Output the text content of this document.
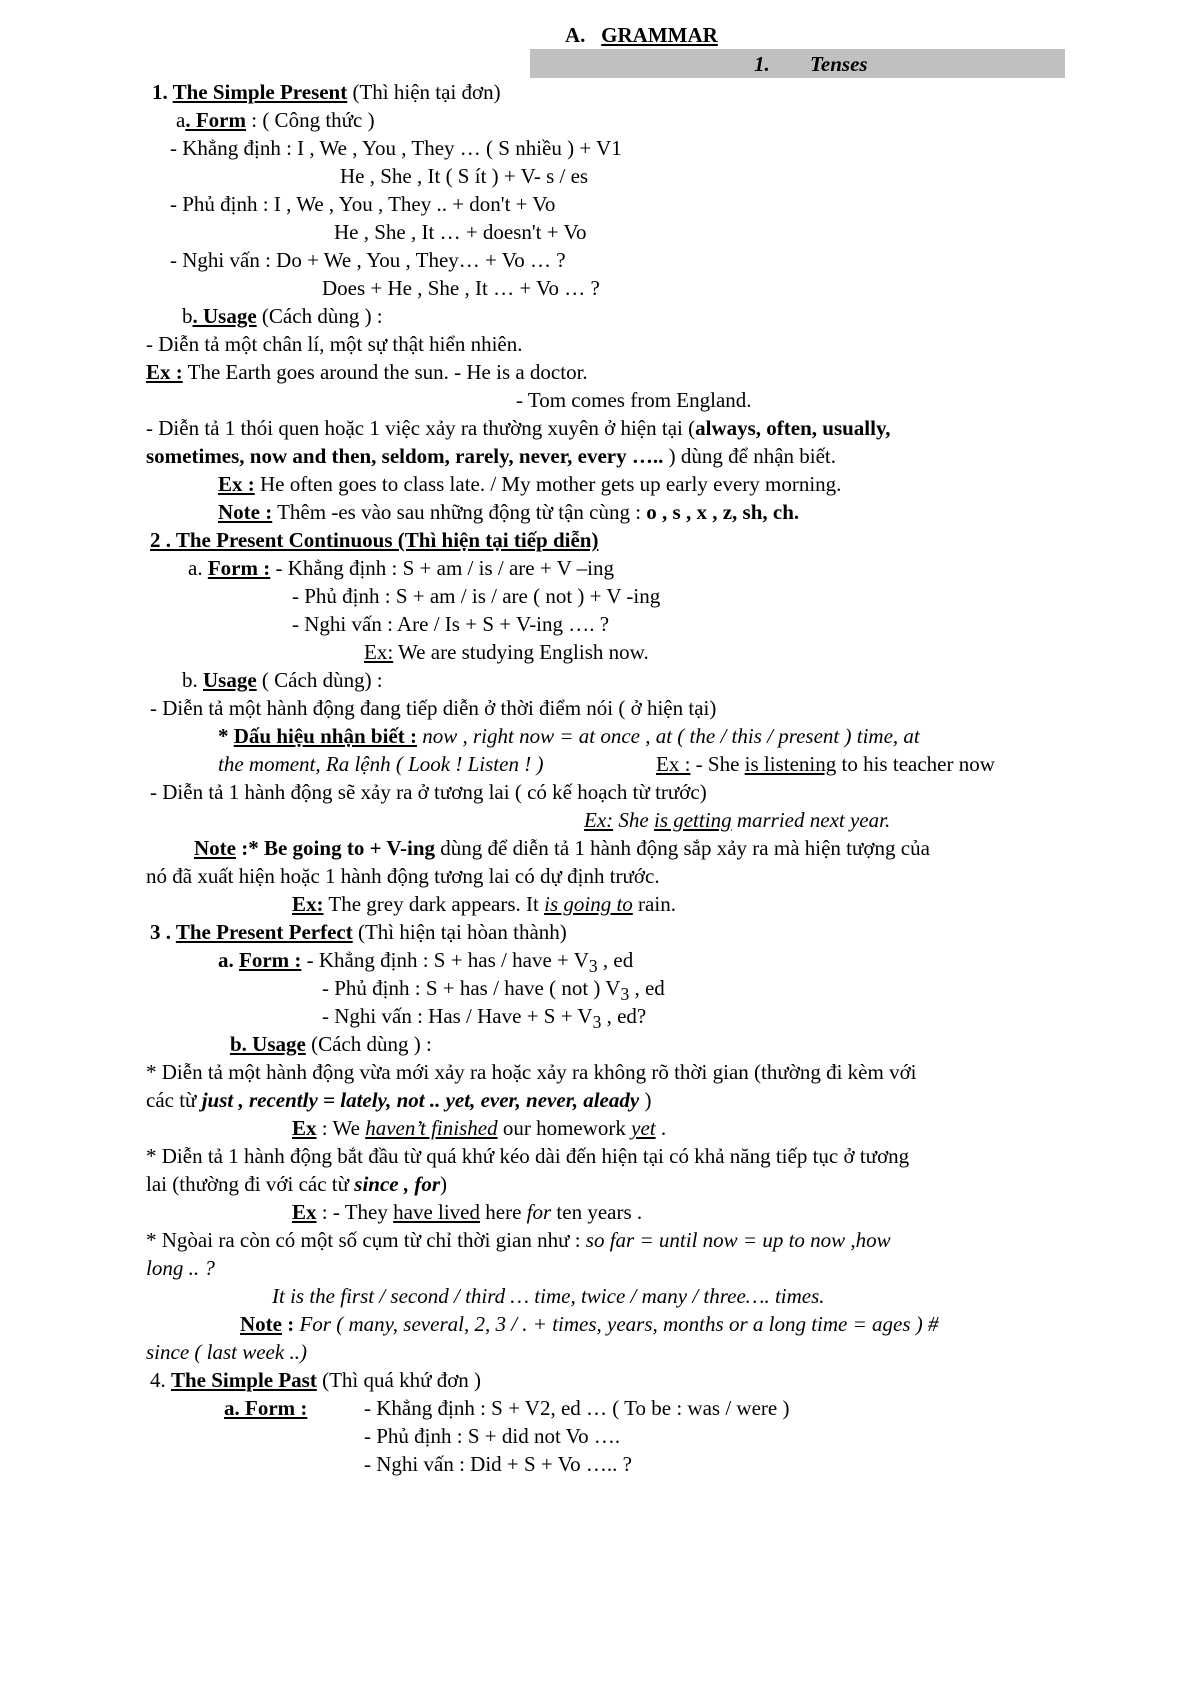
A. GRAMMAR
1. Tenses
1. The Simple Present (Thì hiện tại đơn)
a. Form : ( Công thức )
- Khẳng định : I , We , You , They … ( S nhiều ) + V1
He , She , It ( S ít ) + V- s / es
- Phủ định : I , We , You , They .. + don't + Vo
He , She , It … + doesn't + Vo
- Nghi vấn : Do + We , You , They… + Vo … ?
Does + He , She , It … + Vo … ?
b. Usage (Cách dùng ) :
- Diễn tả một chân lí, một sự thật hiển nhiên.
Ex : The Earth goes around the sun. - He is a doctor.
- Tom comes from England.
- Diễn tả 1 thói quen hoặc 1 việc xảy ra thường xuyên ở hiện tại (always, often, usually,
sometimes, now and then, seldom, rarely, never, every ….. ) dùng để nhận biết.
Ex : He often goes to class late. / My mother gets up early every morning.
Note : Thêm -es vào sau những động từ tận cùng : o , s , x , z, sh, ch.
2 . The Present Continuous (Thì hiện tại tiếp diễn)
a. Form : - Khẳng định : S + am / is / are + V –ing
- Phủ định : S + am / is / are ( not ) + V -ing
- Nghi vấn : Are / Is + S + V-ing …. ?
Ex: We are studying English now.
b. Usage ( Cách dùng) :
- Diễn tả một hành động đang tiếp diễn ở thời điểm nói ( ở hiện tại)
* Dấu hiệu nhận biết : now , right now = at once , at ( the / this / present ) time, at
the moment, Ra lệnh ( Look ! Listen ! )	Ex : - She is listening to his teacher now
- Diễn tả 1 hành động sẽ xảy ra ở tương lai ( có kế hoạch từ trước)
Ex: She is getting married next year.
Note :* Be going to + V-ing dùng để diễn tả 1 hành động sắp xảy ra mà hiện tượng của
nó đã xuất hiện hoặc 1 hành động tương lai có dự định trước.
Ex: The grey dark appears. It is going to rain.
3 . The Present Perfect (Thì hiện tại hòan thành)
a. Form : - Khẳng định : S + has / have + $V_3$ , ed
- Phủ định : S + has / have ( not ) $V_3$ , ed
- Nghi vấn : Has / Have + $S + V_3$ , ed?
b. Usage (Cách dùng ) :
* Diễn tả một hành động vừa mới xảy ra hoặc xảy ra không rõ thời gian (thường đi kèm với
các từ just , recently = lately, not .. yet, ever, never, aleady )
Ex : We haven’t finished our homework yet .
* Diễn tả 1 hành động bắt đầu từ quá khứ kéo dài đến hiện tại có khả năng tiếp tục ở tương
lai (thường đi với các từ since , for)
Ex : - They have lived here for ten years .
* Ngòai ra còn có một số cụm từ chỉ thời gian như : so far = until now = up to now ,how
long .. ?
It is the first / second / third … time, twice / many / three…. times.
Note : For ( many, several, 2, 3 / . + times, years, months or a long time = ages ) #
since ( last week ..)
4. The Simple Past (Thì quá khứ đơn )
a. Form :	- Khẳng định : S + V2, ed … ( To be : was / were )
- Phủ định : S + did not Vo ….
- Nghi vấn : Did + S + Vo ….. ?
